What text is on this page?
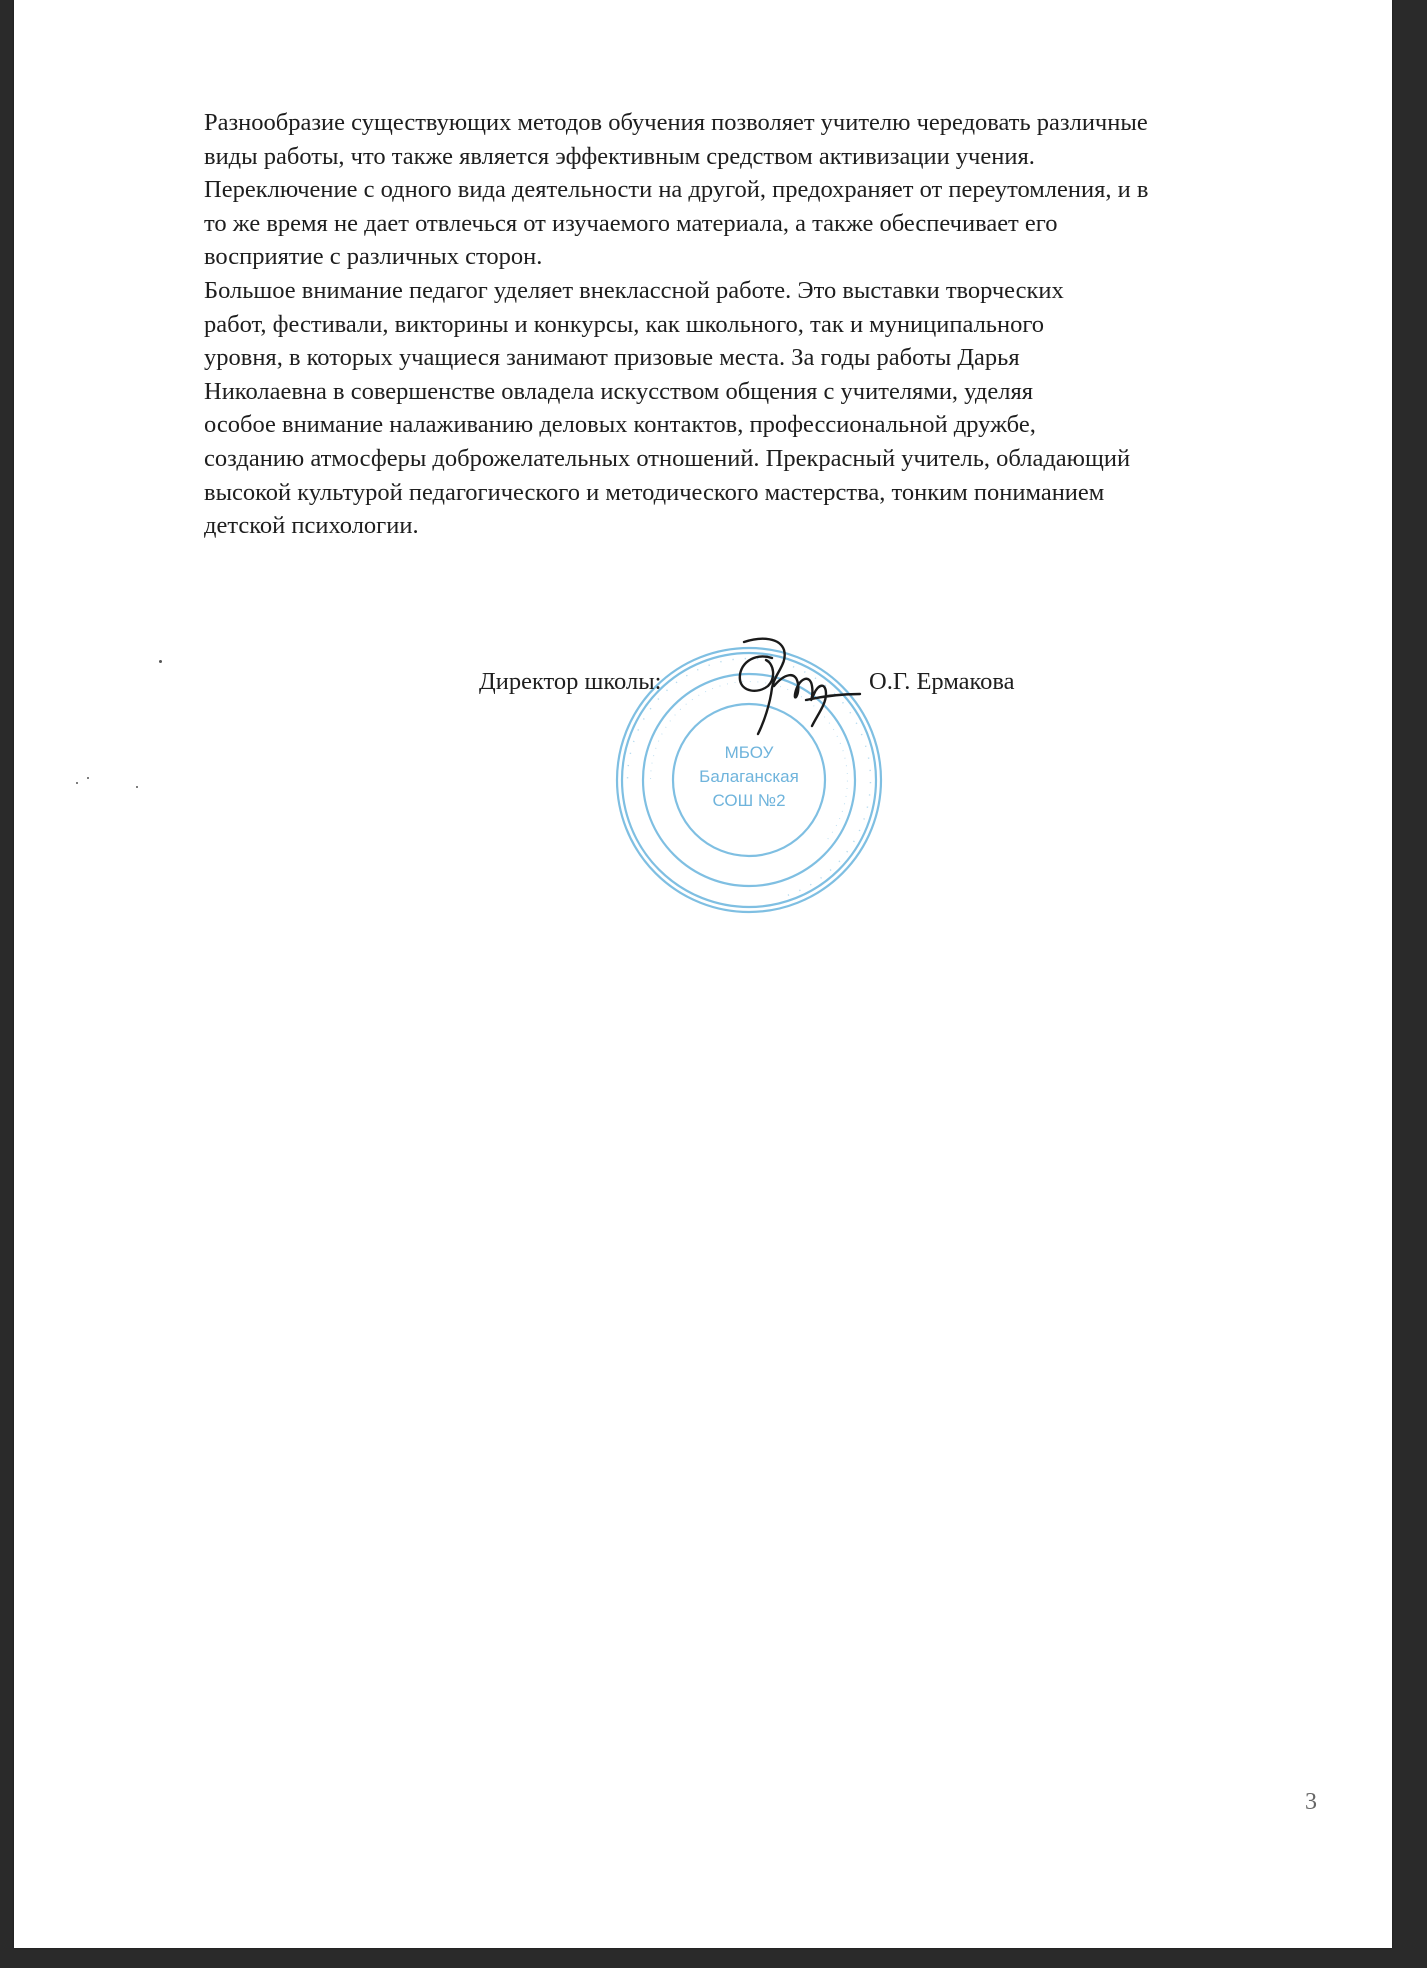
Разнообразие существующих методов обучения позволяет учителю чередовать различные
виды работы, что также является эффективным средством активизации учения.
Переключение с одного вида деятельности на другой, предохраняет от переутомления, и в
то же время не дает отвлечься от изучаемого материала, а также обеспечивает его
восприятие с различных сторон.
Большое внимание педагог уделяет внеклассной работе. Это выставки творческих
работ, фестивали, викторины и конкурсы, как школьного, так и муниципального
уровня, в которых учащиеся занимают призовые места. За годы работы Дарья
Николаевна в совершенстве овладела искусством общения с учителями, уделяя
особое внимание налаживанию деловых контактов, профессиональной дружбе,
созданию атмосферы доброжелательных отношений. Прекрасный учитель, обладающий
высокой культурой педагогического и методического мастерства, тонким пониманием
детской психологии.
· · · · · · · · · · · · · · · · · · · · · · · · · · · · · · · · · · · · · · · · · · · ·
· · · · · · · · · · · · · · · · · · · · · · · · · · · · · · · · · · · · · · · · · · · · · · · · ·
МБОУ
Балаганская
СОШ №2
Директор школы:	О.Г. Ермакова
3
